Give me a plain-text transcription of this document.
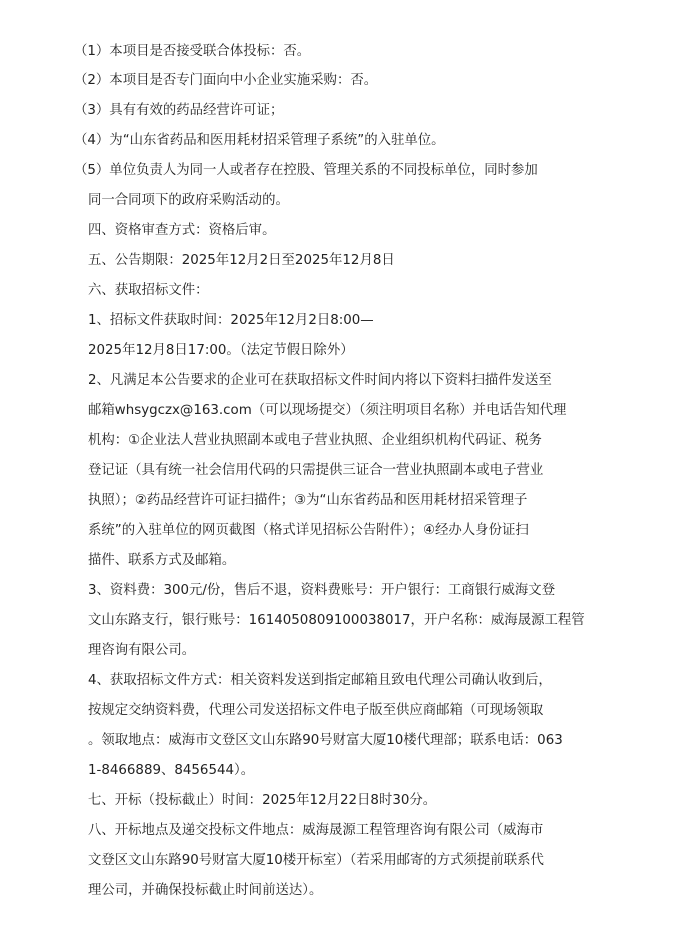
（1）本项目是否接受联合体投标：否。
（2）本项目是否专门面向中小企业实施采购：否。
（3）具有有效的药品经营许可证；
（4）为“山东省药品和医用耗材招采管理子系统”的入驻单位。
（5）单位负责人为同一人或者存在控股、管理关系的不同投标单位，同时参加
同一合同项下的政府采购活动的。
四、资格审查方式：资格后审。
五、公告期限：2025年12月2日至2025年12月8日
六、获取招标文件：
1、招标文件获取时间：2025年12月2日8:00—
2025年12月8日17:00。（法定节假日除外）
2、凡满足本公告要求的企业可在获取招标文件时间内将以下资料扫描件发送至
邮箱whsygczx@163.com（可以现场提交）（须注明项目名称）并电话告知代理
机构：①企业法人营业执照副本或电子营业执照、企业组织机构代码证、税务
登记证（具有统一社会信用代码的只需提供三证合一营业执照副本或电子营业
执照）；②药品经营许可证扫描件；③为“山东省药品和医用耗材招采管理子
系统”的入驻单位的网页截图（格式详见招标公告附件）；④经办人身份证扫
描件、联系方式及邮箱。
3、资料费：300元/份，售后不退，资料费账号：开户银行：工商银行威海文登
文山东路支行，银行账号：1614050809100038017，开户名称：威海晟源工程管
理咨询有限公司。
4、获取招标文件方式：相关资料发送到指定邮箱且致电代理公司确认收到后，
按规定交纳资料费，代理公司发送招标文件电子版至供应商邮箱（可现场领取
。领取地点：威海市文登区文山东路90号财富大厦10楼代理部；联系电话：063
1-8466889、8456544）。
七、开标（投标截止）时间：2025年12月22日8时30分。
八、开标地点及递交投标文件地点：威海晟源工程管理咨询有限公司（威海市
文登区文山东路90号财富大厦10楼开标室）（若采用邮寄的方式须提前联系代
理公司，并确保投标截止时间前送达）。
